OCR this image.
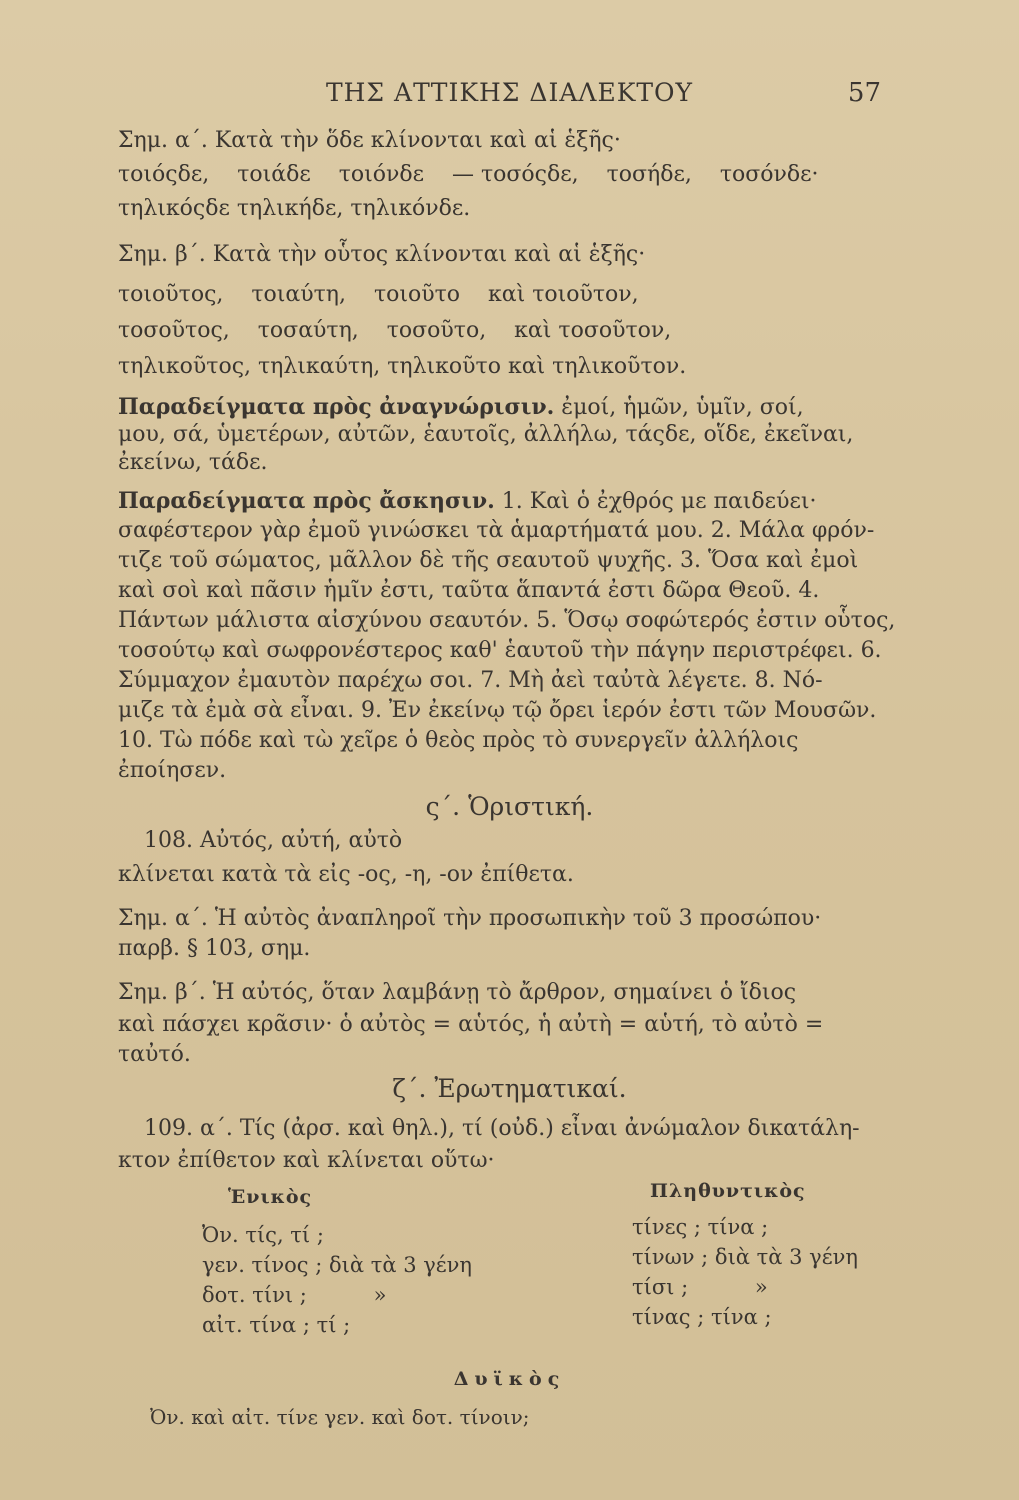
ΤΗΣ ΑΤΤΙΚΗΣ ΔΙΑΛΕΚΤΟΥ	57
Σημ. α΄. Κατὰ τὴν ὅδε κλίνονται καὶ αἱ ἑξῆς·
τοιόςδε,    τοιάδε    τοιόνδε    — τοσόςδε,    τοσήδε,    τοσόνδε·
τηλικόςδε τηλικήδε, τηλικόνδε.
Σημ. β΄. Κατὰ τὴν οὗτος κλίνονται καὶ αἱ ἑξῆς·
τοιοῦτος,    τοιαύτη,    τοιοῦτο    καὶ τοιοῦτον,
τοσοῦτος,    τοσαύτη,    τοσοῦτο,    καὶ τοσοῦτον,
τηλικοῦτος, τηλικαύτη, τηλικοῦτο καὶ τηλικοῦτον.
Παραδείγματα πρὸς ἀναγνώρισιν. ἐμοί, ἡμῶν, ὑμῖν, σοί,
μου, σά, ὑμετέρων, αὐτῶν, ἑαυτοῖς, ἀλλήλω, τάςδε, οἵδε, ἐκεῖναι,
ἐκείνω, τάδε.
Παραδείγματα πρὸς ἄσκησιν. 1. Καὶ ὁ ἐχθρός με παιδεύει·
σαφέστερον γὰρ ἐμοῦ γινώσκει τὰ ἁμαρτήματά μου. 2. Μάλα φρόν-
τιζε τοῦ σώματος, μᾶλλον δὲ τῆς σεαυτοῦ ψυχῆς. 3. Ὅσα καὶ ἐμοὶ
καὶ σοὶ καὶ πᾶσιν ἡμῖν ἐστι, ταῦτα ἅπαντά ἐστι δῶρα Θεοῦ. 4.
Πάντων μάλιστα αἰσχύνου σεαυτόν. 5. Ὅσῳ σοφώτερός ἐστιν οὗτος,
τοσούτῳ καὶ σωφρονέστερος καθ' ἑαυτοῦ τὴν πάγην περιστρέφει. 6.
Σύμμαχον ἐμαυτὸν παρέχω σοι. 7. Μὴ ἀεὶ ταὐτὰ λέγετε. 8. Νό-
μιζε τὰ ἐμὰ σὰ εἶναι. 9. Ἐν ἐκείνῳ τῷ ὄρει ἱερόν ἐστι τῶν Μουσῶν.
10. Τὼ πόδε καὶ τὼ χεῖρε ὁ θεὸς πρὸς τὸ συνεργεῖν ἀλλήλοις
ἐποίησεν.
ς΄. Ὁριστική.
108. Αὐτός, αὐτή, αὐτὸ
κλίνεται κατὰ τὰ εἰς -ος, -η, -ον ἐπίθετα.
Σημ. α΄. Ἡ αὐτὸς ἀναπληροῖ τὴν προσωπικὴν τοῦ 3 προσώπου·
παρβ. § 103, σημ.
Σημ. β΄. Ἡ αὐτός, ὅταν λαμβάνῃ τὸ ἄρθρον, σημαίνει ὁ ἴδιος
καὶ πάσχει κρᾶσιν· ὁ αὐτὸς = αὑτός, ἡ αὐτὴ = αὑτή, τὸ αὐτὸ =
ταὐτό.
ζ΄. Ἐρωτηματικαί.
109. α΄. Τίς (ἀρσ. καὶ θηλ.), τί (οὐδ.) εἶναι ἀνώμαλον δικατάλη-
κτον ἐπίθετον καὶ κλίνεται οὕτω·
Ἑνικὸς	Πληθυντικὸς
Ὀν. τίς, τί ;
γεν. τίνος ; διὰ τὰ 3 γένη
δοτ. τίνι ;          »
αἰτ. τίνα ; τί ;
τίνες ; τίνα ;
τίνων ; διὰ τὰ 3 γένη
τίσι ;          »
τίνας ; τίνα ;
Δυϊκὸς
Ὀν. καὶ αἰτ. τίνε γεν. καὶ δοτ. τίνοιν;
